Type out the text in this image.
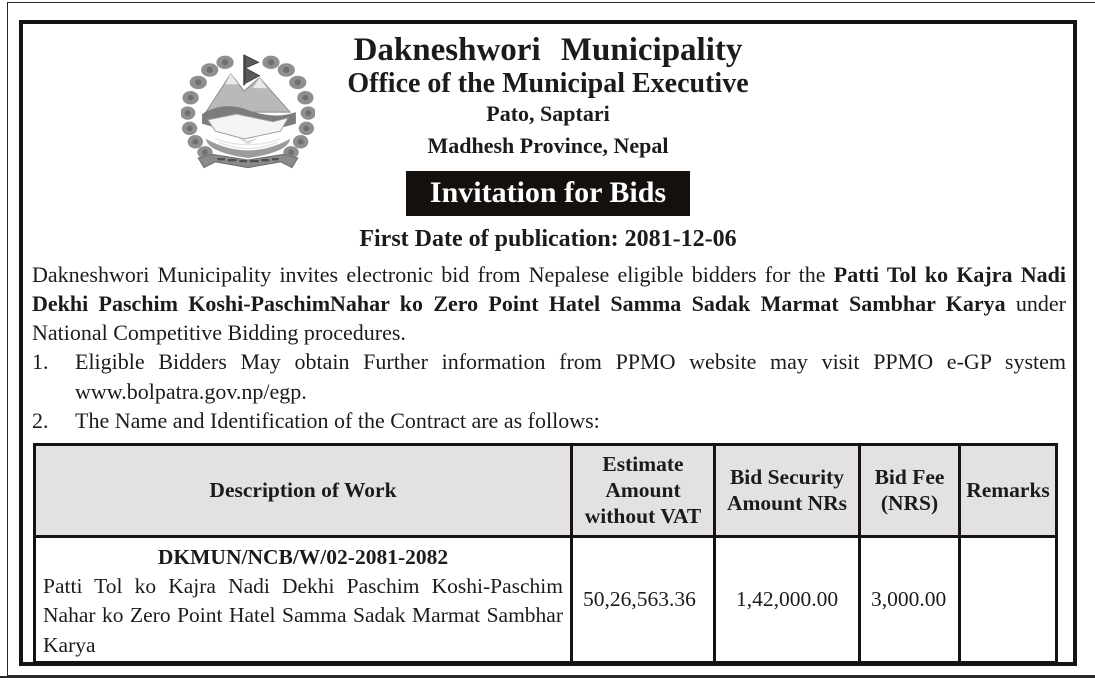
Dakneshwori Municipality
Office of the Municipal Executive
Pato, Saptari
Madhesh Province, Nepal
Invitation for Bids
First Date of publication: 2081-12-06

Dakneshwori Municipality invites electronic bid from Nepalese eligible bidders for the Patti Tol ko Kajra Nadi Dekhi Paschim Koshi-PaschimNahar ko Zero Point Hatel Samma Sadak Marmat Sambhar Karya under National Competitive Bidding procedures.

1.	Eligible Bidders May obtain Further information from PPMO website may visit PPMO e-GP system www.bolpatra.gov.np/egp.
2.	The Name and Identification of the Contract are as follows:
Description of Work	Estimate Amount without VAT	Bid Security Amount NRs	Bid Fee (NRS)	Remarks

DKMUN/NCB/W/02-2081-2082
Patti Tol ko Kajra Nadi Dekhi Paschim Koshi-Paschim Nahar ko Zero Point Hatel Samma Sadak Marmat Sambhar Karya	50,26,563.36	1,42,000.00	3,000.00	
